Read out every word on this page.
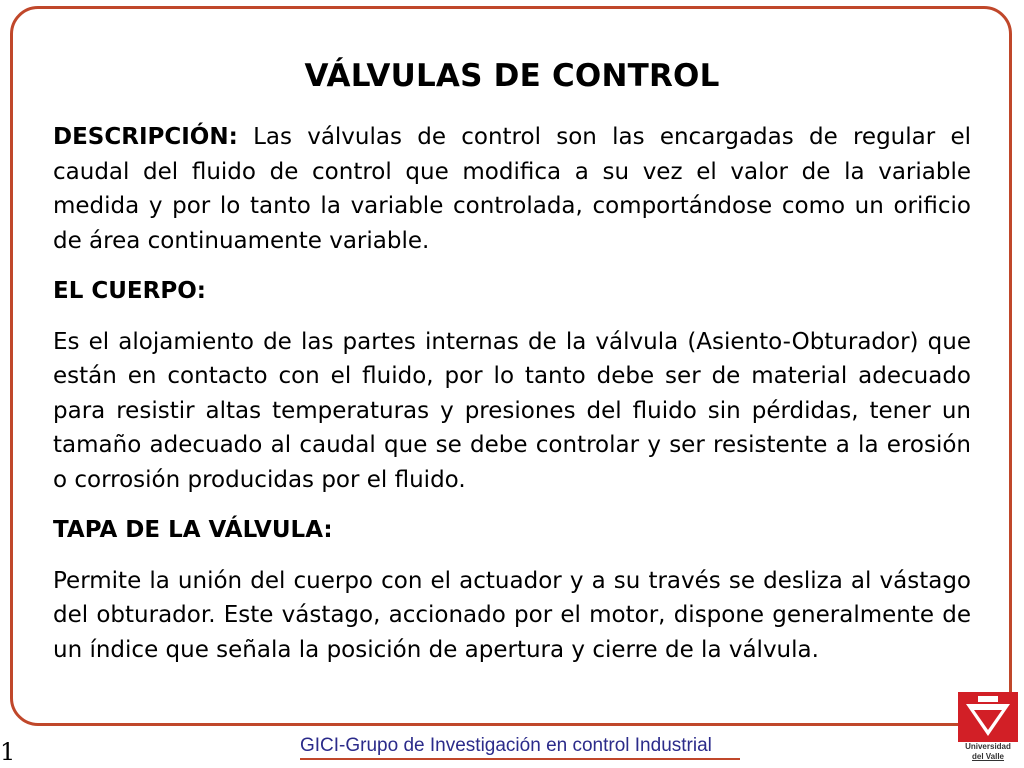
VÁLVULAS DE CONTROL

DESCRIPCIÓN: Las válvulas de control son las encargadas de regular el caudal del fluido de control que modifica a su vez el valor de la variable medida y por lo tanto la variable controlada, comportándose como un orificio de área continuamente variable.

EL CUERPO:

Es el alojamiento de las partes internas de la válvula (Asiento-Obturador) que están en contacto con el fluido, por lo tanto debe ser de material adecuado para resistir altas temperaturas y presiones del fluido sin pérdidas, tener un tamaño adecuado al caudal que se debe controlar y ser resistente a la erosión o corrosión producidas por el fluido.

TAPA DE LA VÁLVULA:

Permite la unión del cuerpo con el actuador y a su través se desliza al vástago del obturador. Este vástago, accionado por el motor, dispone generalmente de un índice que señala la posición de apertura y cierre de la válvula.

1	GICI-Grupo de Investigación en control Industrial	Universidad
del Valle
